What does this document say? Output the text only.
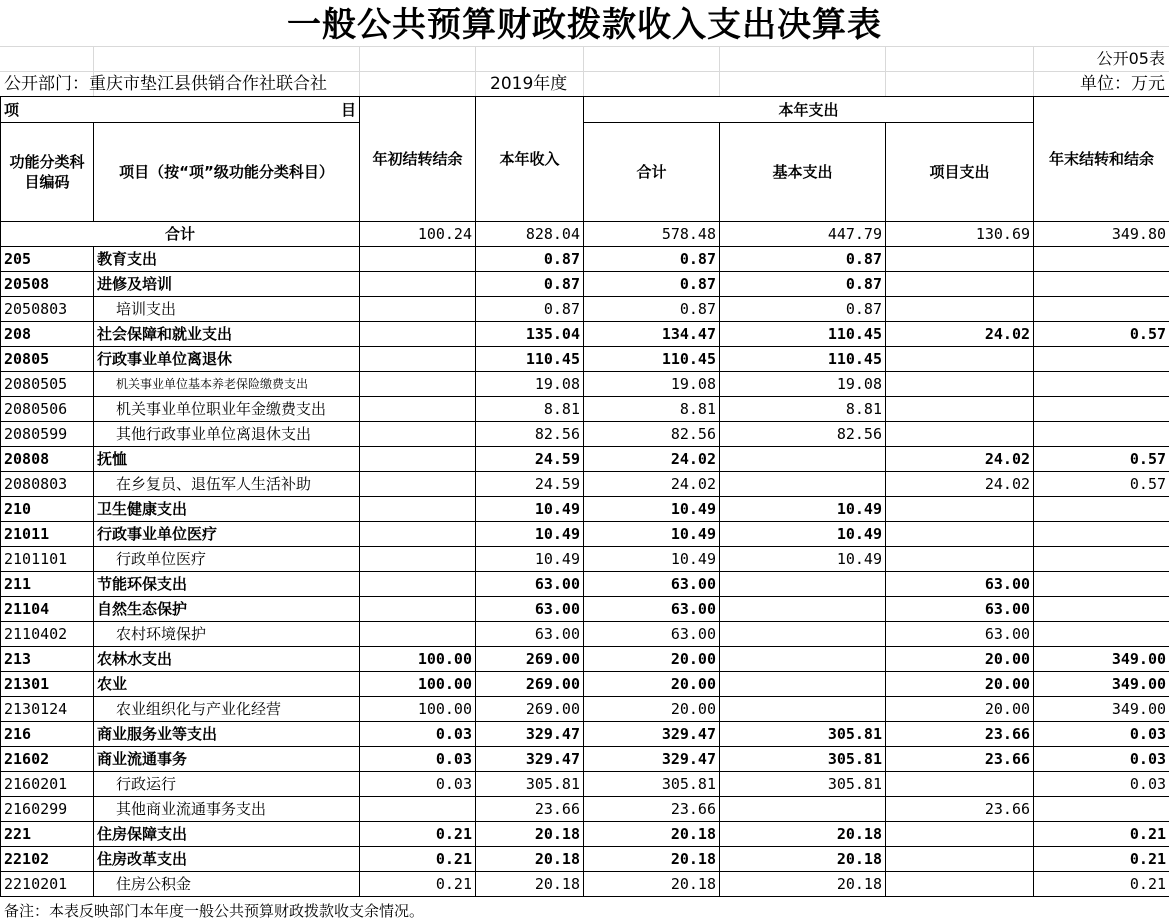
一般公共预算财政拨款收入支出决算表
公开05表
公开部门：重庆市垫江县供销合作社联合社	2019年度	单位：万元
项 目		年初结转结余	本年收入	本年支出			年末结转和结余
功能分类科目编码	项目（按“项”级功能分类科目）			合计	基本支出	项目支出	
合计		100.24	828.04	578.48	447.79	130.69	349.80
205	教育支出		0.87	0.87	0.87		
20508	进修及培训		0.87	0.87	0.87		
2050803	培训支出		0.87	0.87	0.87		
208	社会保障和就业支出		135.04	134.47	110.45	24.02	0.57
20805	行政事业单位离退休		110.45	110.45	110.45		
2080505	机关事业单位基本养老保险缴费支出		19.08	19.08	19.08		
2080506	机关事业单位职业年金缴费支出		8.81	8.81	8.81		
2080599	其他行政事业单位离退休支出		82.56	82.56	82.56		
20808	抚恤		24.59	24.02		24.02	0.57
2080803	在乡复员、退伍军人生活补助		24.59	24.02		24.02	0.57
210	卫生健康支出		10.49	10.49	10.49		
21011	行政事业单位医疗		10.49	10.49	10.49		
2101101	行政单位医疗		10.49	10.49	10.49		
211	节能环保支出		63.00	63.00		63.00	
21104	自然生态保护		63.00	63.00		63.00	
2110402	农村环境保护		63.00	63.00		63.00	
213	农林水支出	100.00	269.00	20.00		20.00	349.00
21301	农业	100.00	269.00	20.00		20.00	349.00
2130124	农业组织化与产业化经营	100.00	269.00	20.00		20.00	349.00
216	商业服务业等支出	0.03	329.47	329.47	305.81	23.66	0.03
21602	商业流通事务	0.03	329.47	329.47	305.81	23.66	0.03
2160201	行政运行	0.03	305.81	305.81	305.81		0.03
2160299	其他商业流通事务支出		23.66	23.66		23.66	
221	住房保障支出	0.21	20.18	20.18	20.18		0.21
22102	住房改革支出	0.21	20.18	20.18	20.18		0.21
2210201	住房公积金	0.21	20.18	20.18	20.18		0.21
备注：本表反映部门本年度一般公共预算财政拨款收支余情况。
